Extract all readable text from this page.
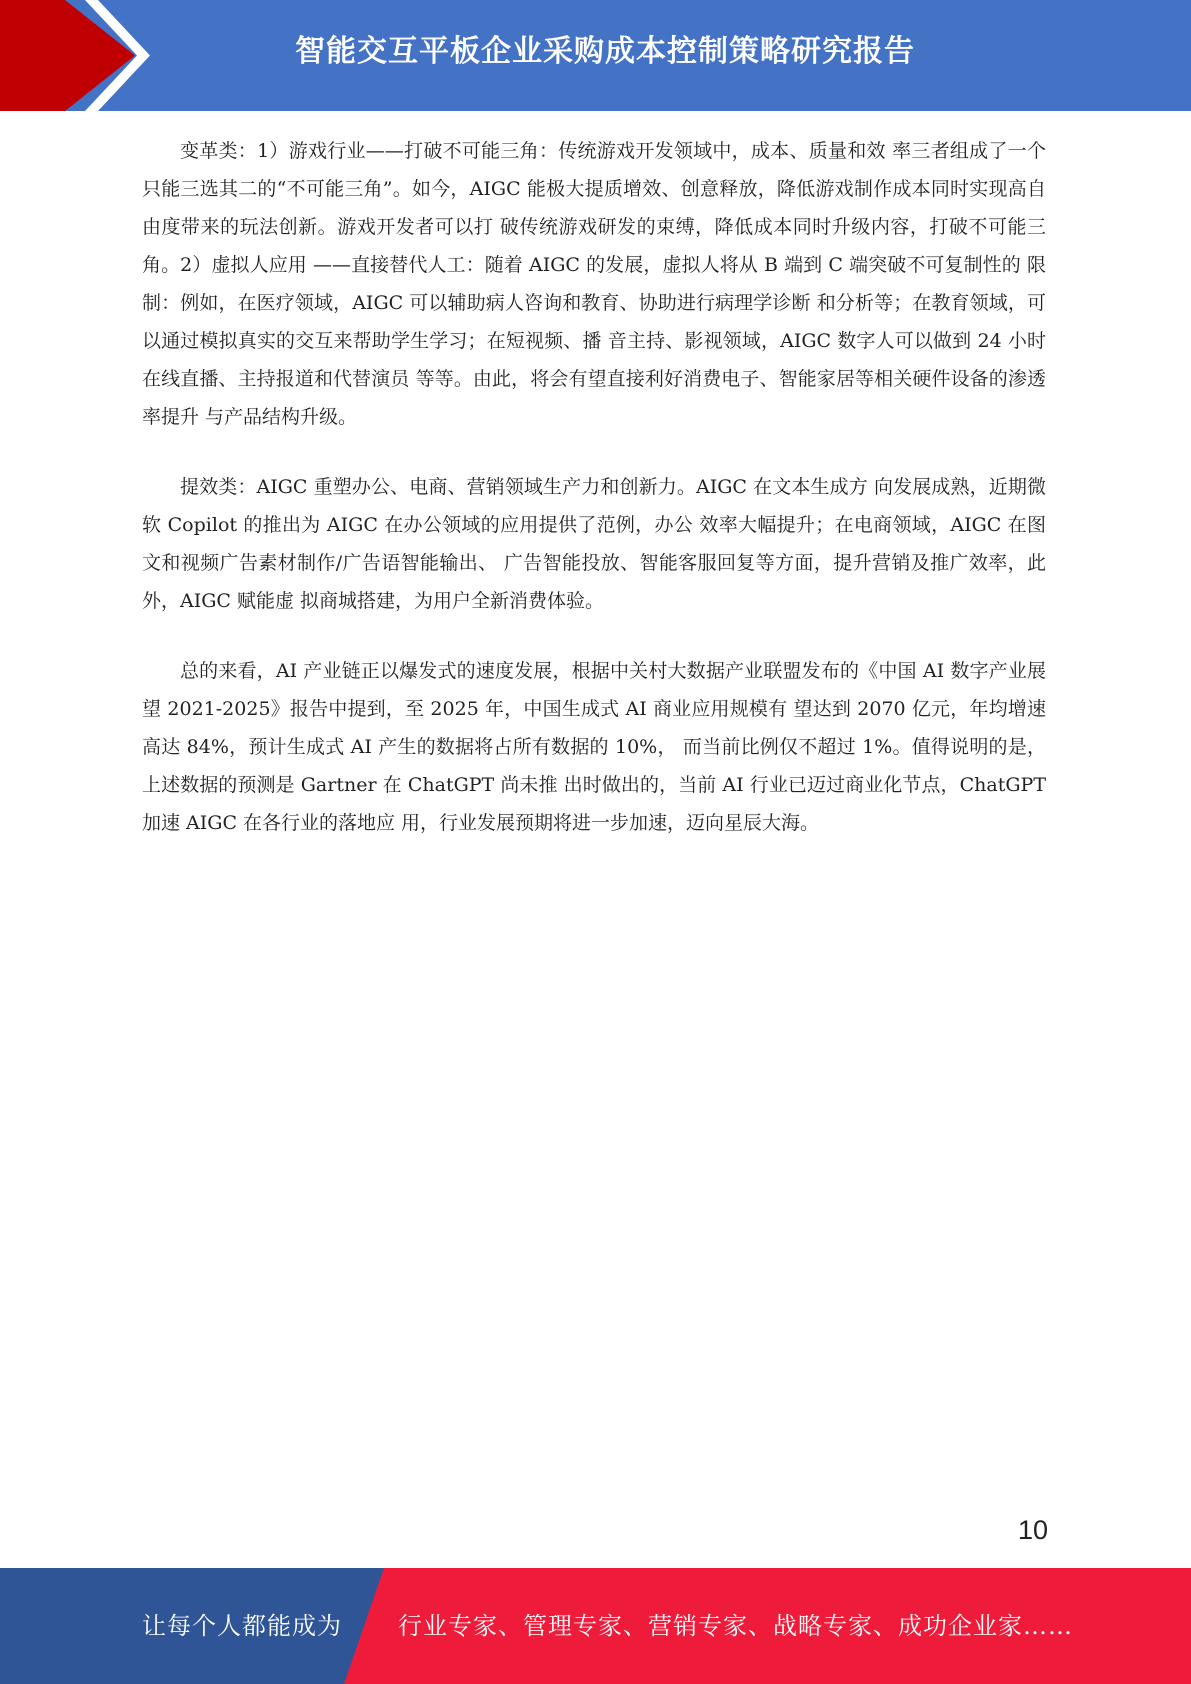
智能交互平板企业采购成本控制策略研究报告

变革类：1）游戏行业——打破不可能三角：传统游戏开发领域中，成本、质量和效 率三者组成了一个只能三选其二的“不可能三角”。如今，AIGC 能极大提质增效、创意释放，降低游戏制作成本同时实现高自由度带来的玩法创新。游戏开发者可以打 破传统游戏研发的束缚，降低成本同时升级内容，打破不可能三角。2）虚拟人应用 ——直接替代人工：随着 AIGC 的发展，虚拟人将从 B 端到 C 端突破不可复制性的 限制：例如，在医疗领域，AIGC 可以辅助病人咨询和教育、协助进行病理学诊断 和分析等；在教育领域，可以通过模拟真实的交互来帮助学生学习；在短视频、播 音主持、影视领域，AIGC 数字人可以做到 24 小时在线直播、主持报道和代替演员 等等。由此，将会有望直接利好消费电子、智能家居等相关硬件设备的渗透率提升 与产品结构升级。

提效类：AIGC 重塑办公、电商、营销领域生产力和创新力。AIGC 在文本生成方 向发展成熟，近期微软 Copilot 的推出为 AIGC 在办公领域的应用提供了范例，办公 效率大幅提升；在电商领域，AIGC 在图文和视频广告素材制作/广告语智能输出、 广告智能投放、智能客服回复等方面，提升营销及推广效率，此外，AIGC 赋能虚 拟商城搭建，为用户全新消费体验。

总的来看，AI 产业链正以爆发式的速度发展，根据中关村大数据产业联盟发布的《中国 AI 数字产业展望 2021-2025》报告中提到，至 2025 年，中国生成式 AI 商业应用规模有 望达到 2070 亿元，年均增速高达 84%，预计生成式 AI 产生的数据将占所有数据的 10%， 而当前比例仅不超过 1%。值得说明的是，上述数据的预测是 Gartner 在 ChatGPT 尚未推 出时做出的，当前 AI 行业已迈过商业化节点，ChatGPT 加速 AIGC 在各行业的落地应 用，行业发展预期将进一步加速，迈向星辰大海。

10
让每个人都能成为 行业专家、管理专家、营销专家、战略专家、成功企业家……
